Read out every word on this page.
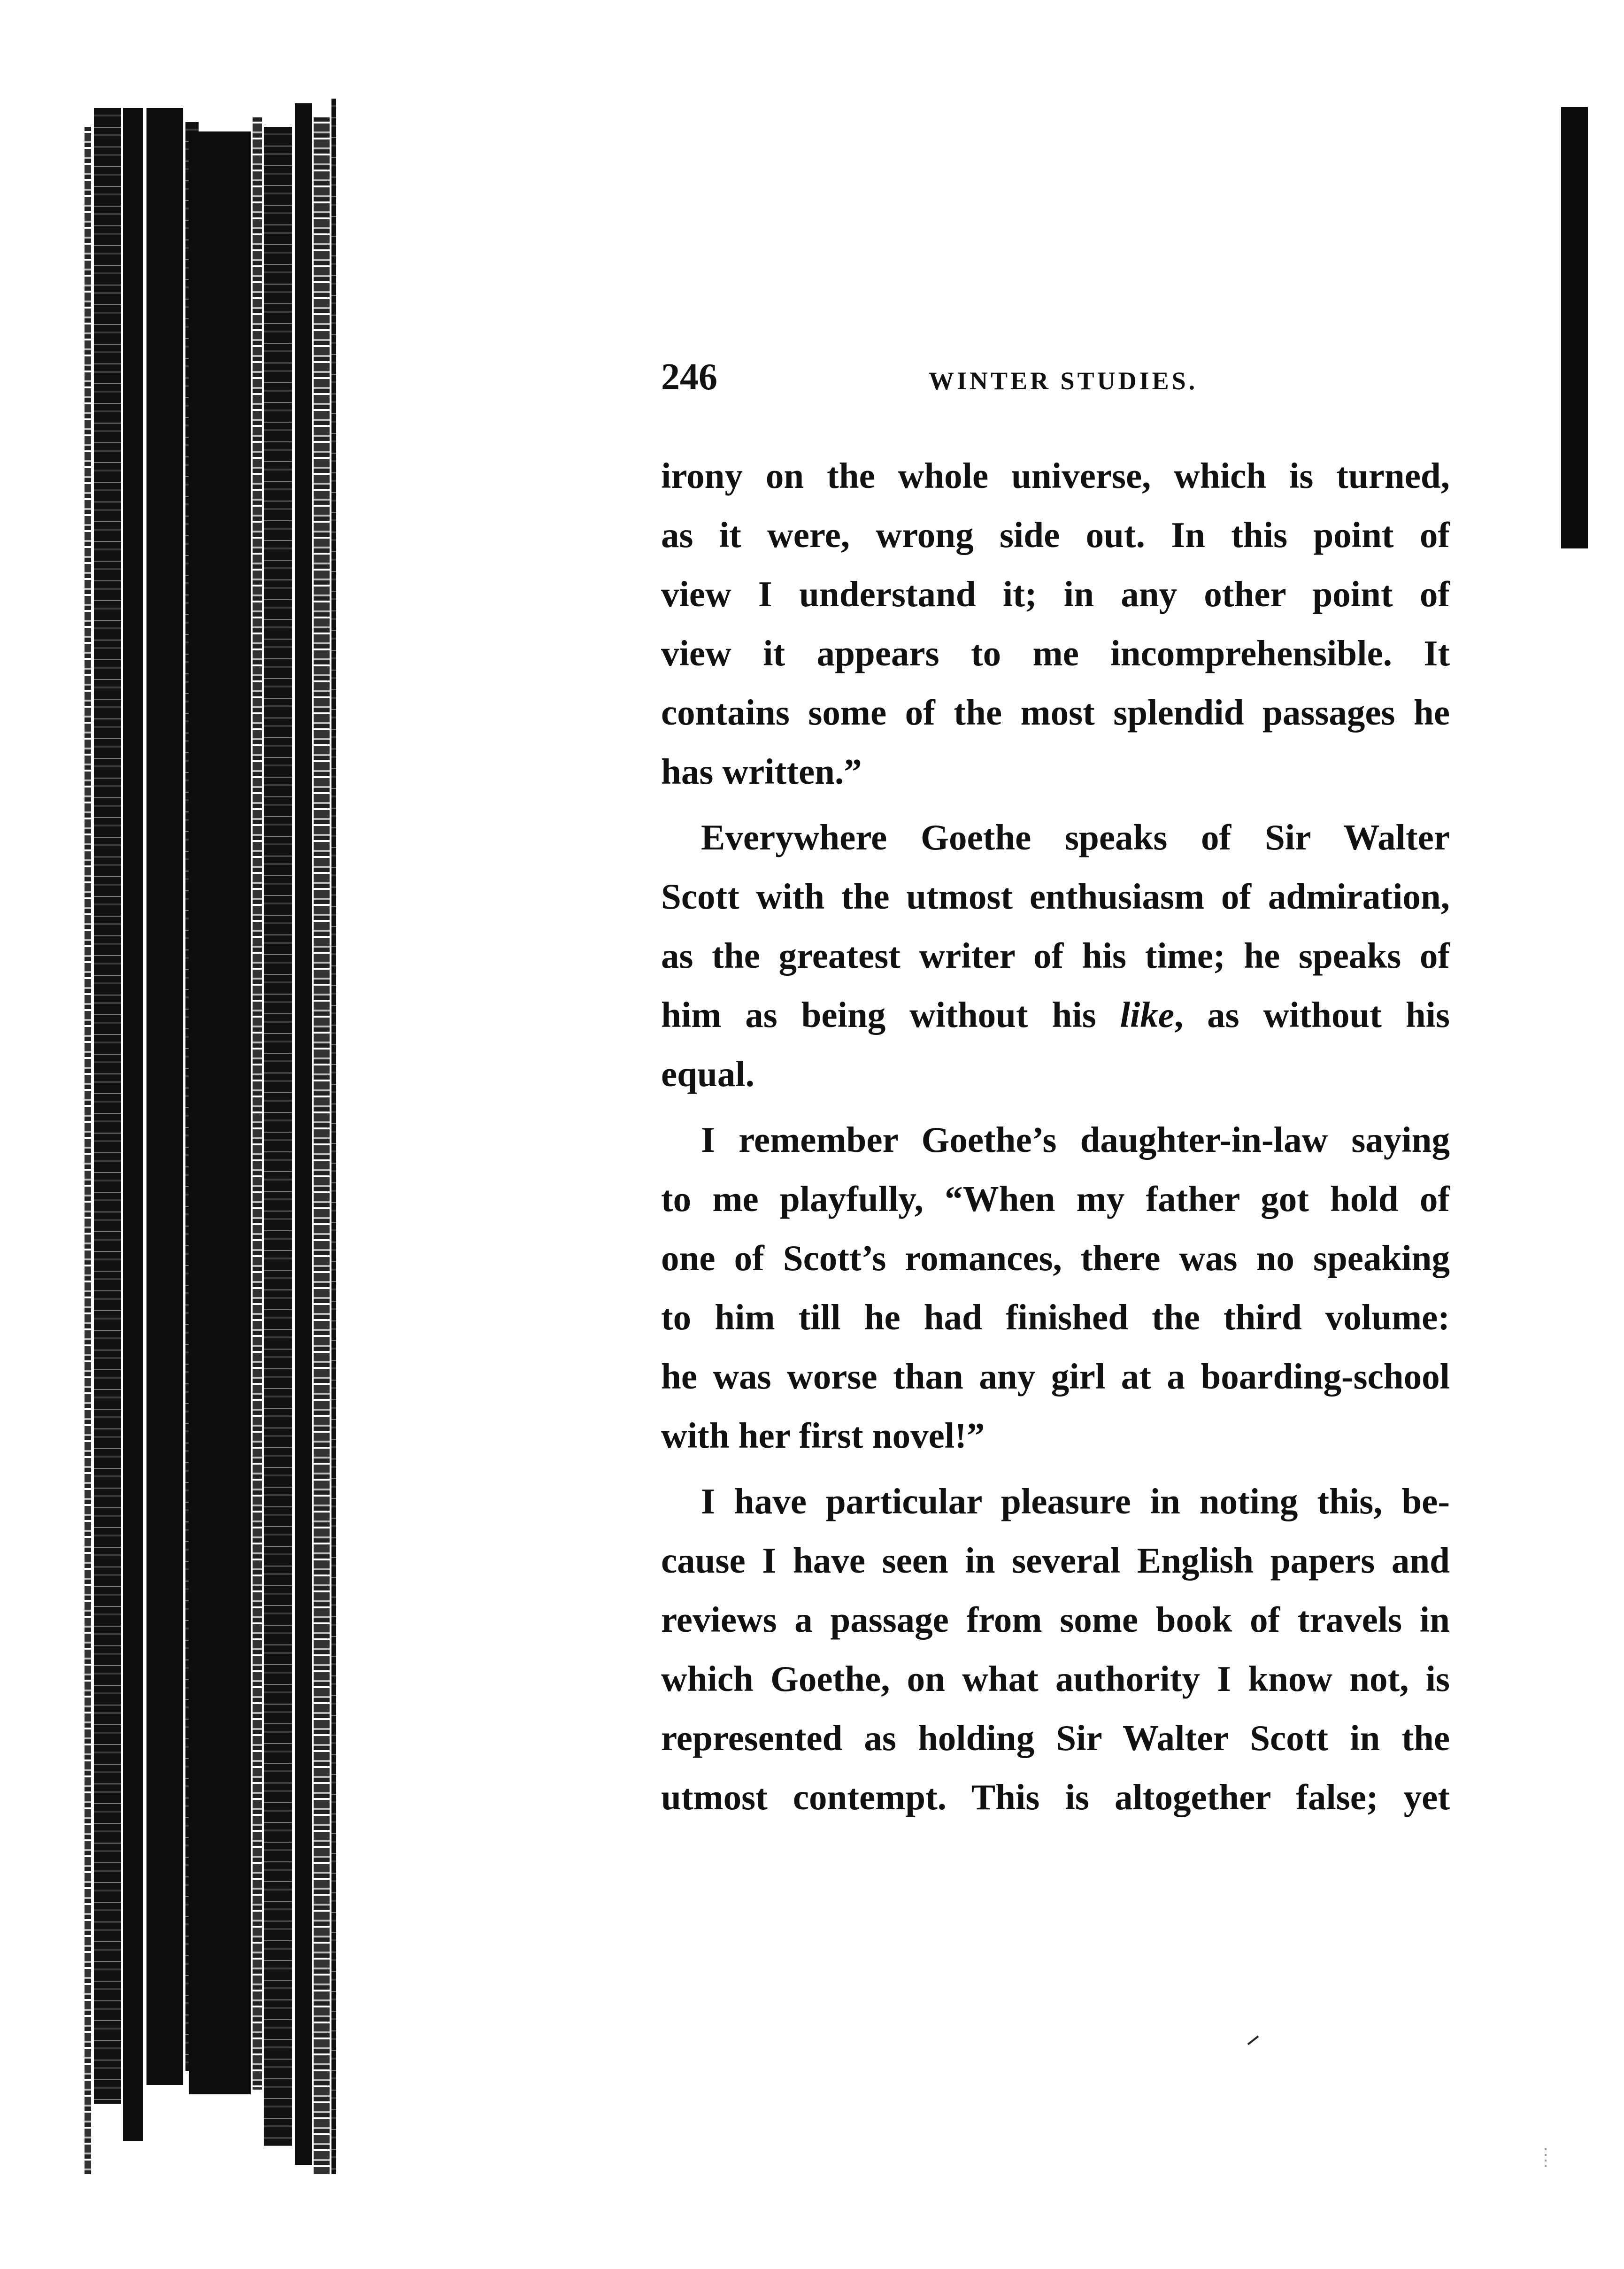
246	WINTER STUDIES.
irony on the whole universe, which is turned,
as it were, wrong side out. In this point of
view I understand it; in any other point of
view it appears to me incomprehensible. It
contains some of the most splendid passages he
has written.”
Everywhere Goethe speaks of Sir Walter
Scott with the utmost enthusiasm of admiration,
as the greatest writer of his time; he speaks of
him as being without his like, as without his
equal.
I remember Goethe’s daughter-in-law saying
to me playfully, “When my father got hold of
one of Scott’s romances, there was no speaking
to him till he had finished the third volume:
he was worse than any girl at a boarding-school
with her first novel!”
I have particular pleasure in noting this, be-
cause I have seen in several English papers and
reviews a passage from some book of travels in
which Goethe, on what authority I know not, is
represented as holding Sir Walter Scott in the
utmost contempt. This is altogether false; yet
